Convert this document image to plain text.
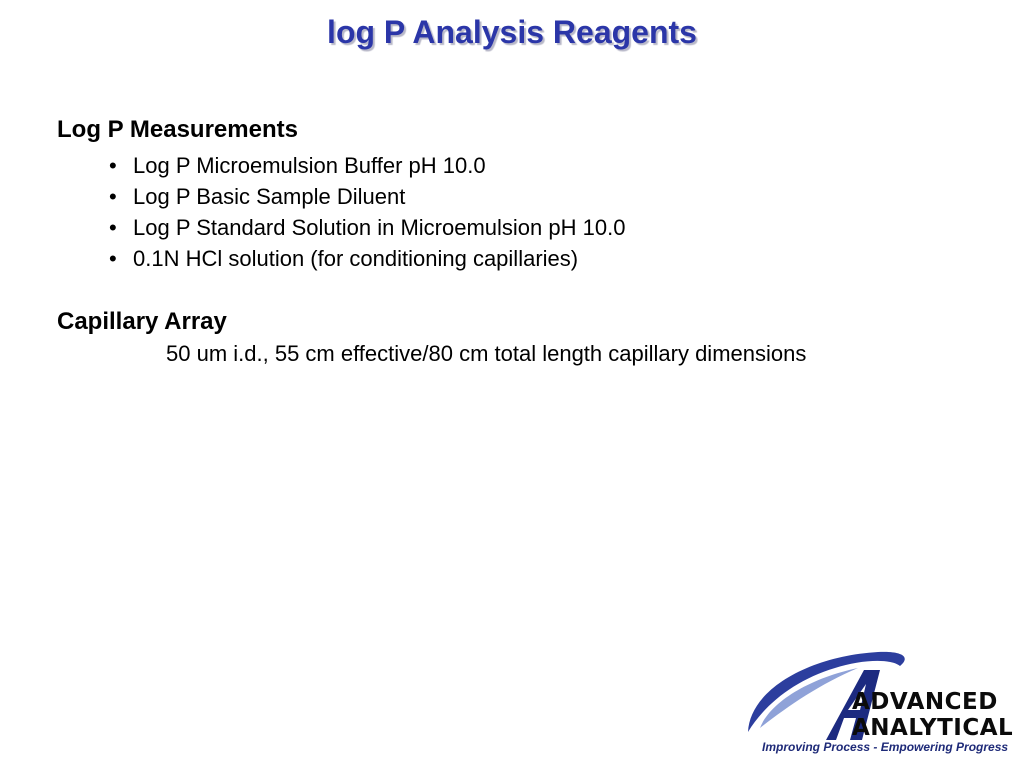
log P Analysis Reagents
Log P Measurements
• Log P Microemulsion Buffer pH 10.0
• Log P Basic Sample Diluent
• Log P Standard Solution in Microemulsion pH 10.0
• 0.1N HCl solution (for conditioning capillaries)
Capillary Array

50 um i.d., 55 cm effective/80 cm total length capillary dimensions

ADVANCED
ANALYTICAL
Improving Process - Empowering Progress
